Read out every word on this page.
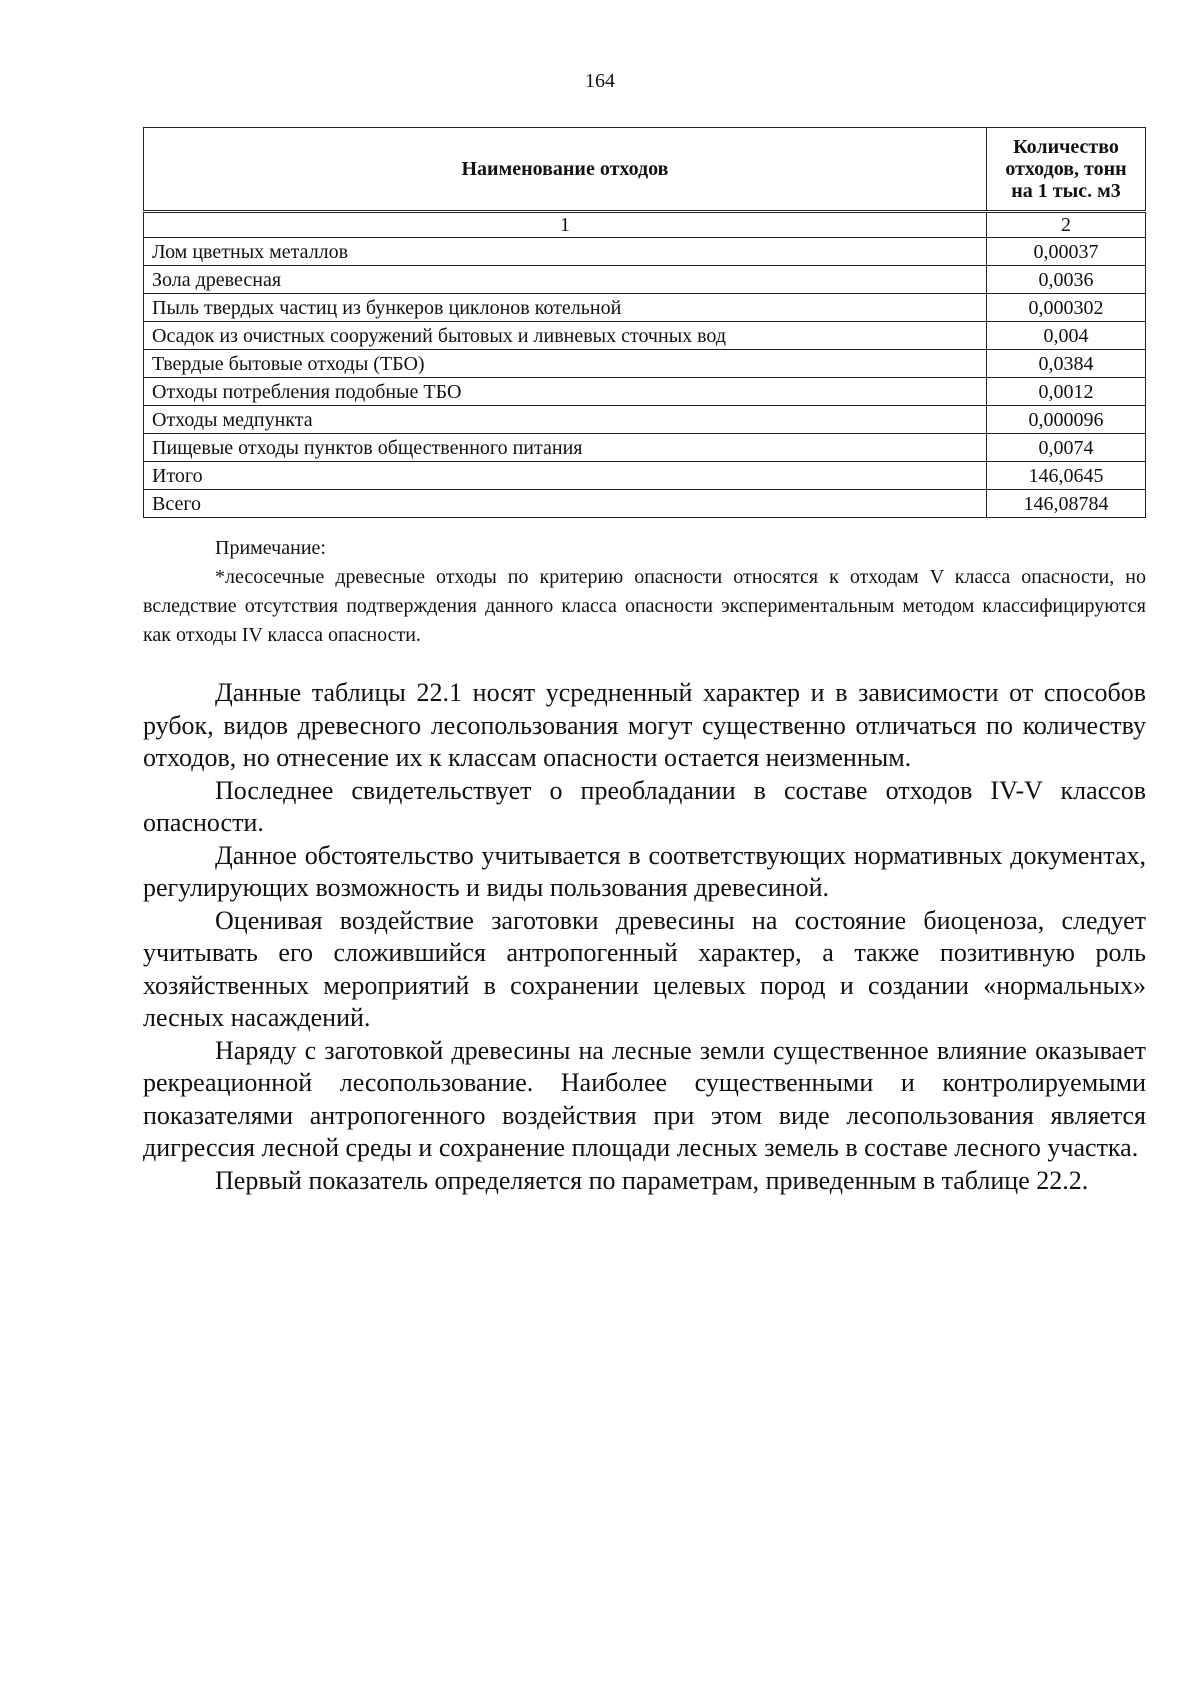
164
Наименование отходов	Количество отходов, тонн на 1 тыс. м3
1	2
Лом цветных металлов	0,00037
Зола древесная	0,0036
Пыль твердых частиц из бункеров циклонов котельной	0,000302
Осадок из очистных сооружений бытовых и ливневых сточных вод	0,004
Твердые бытовые отходы (ТБО)	0,0384
Отходы потребления подобные ТБО	0,0012
Отходы медпункта	0,000096
Пищевые отходы пунктов общественного питания	0,0074
Итого	146,0645
Всего	146,08784
Примечание:
*лесосечные древесные отходы по критерию опасности относятся к отходам V класса опасности, но вследствие отсутствия подтверждения данного класса опасности экспериментальным методом классифицируются как отходы IV класса опасности.

Данные таблицы 22.1 носят усредненный характер и в зависимости от способов рубок, видов древесного лесопользования могут существенно отличаться по количеству отходов, но отнесение их к классам опасности остается неизменным.

Последнее свидетельствует о преобладании в составе отходов IV-V классов опасности.

Данное обстоятельство учитывается в соответствующих нормативных документах, регулирующих возможность и виды пользования древесиной.

Оценивая воздействие заготовки древесины на состояние биоценоза, следует учитывать его сложившийся антропогенный характер, а также позитивную роль хозяйственных мероприятий в сохранении целевых пород и создании «нормальных» лесных насаждений.

Наряду с заготовкой древесины на лесные земли существенное влияние оказывает рекреационной лесопользование. Наиболее существенными и контролируемыми показателями антропогенного воздействия при этом виде лесопользования является дигрессия лесной среды и сохранение площади лесных земель в составе лесного участка.

Первый показатель определяется по параметрам, приведенным в таблице 22.2.
